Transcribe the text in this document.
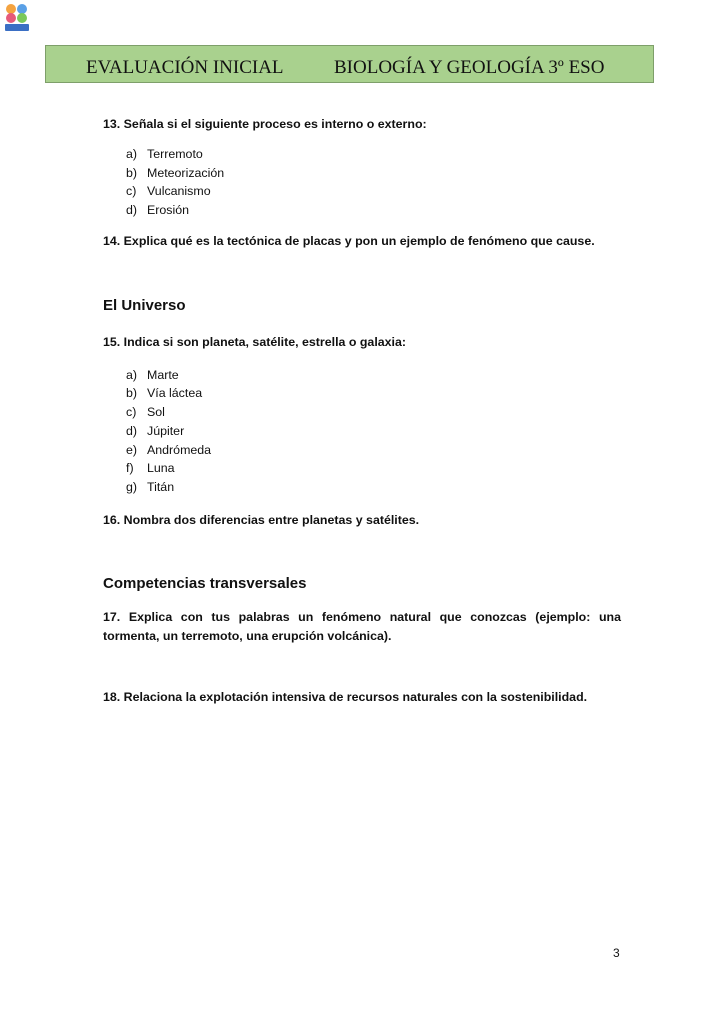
EVALUACIÓN INICIAL	BIOLOGÍA Y GEOLOGÍA 3º ESO
13. Señala si el siguiente proceso es interno o externo:
a) Terremoto
b) Meteorización
c) Vulcanismo
d) Erosión
14. Explica qué es la tectónica de placas y pon un ejemplo de fenómeno que cause.
El Universo
15. Indica si son planeta, satélite, estrella o galaxia:
a) Marte
b) Vía láctea
c) Sol
d) Júpiter
e) Andrómeda
f) Luna
g) Titán
16. Nombra dos diferencias entre planetas y satélites.
Competencias transversales
17. Explica con tus palabras un fenómeno natural que conozcas (ejemplo: una tormenta, un terremoto, una erupción volcánica).
18. Relaciona la explotación intensiva de recursos naturales con la sostenibilidad.
3
